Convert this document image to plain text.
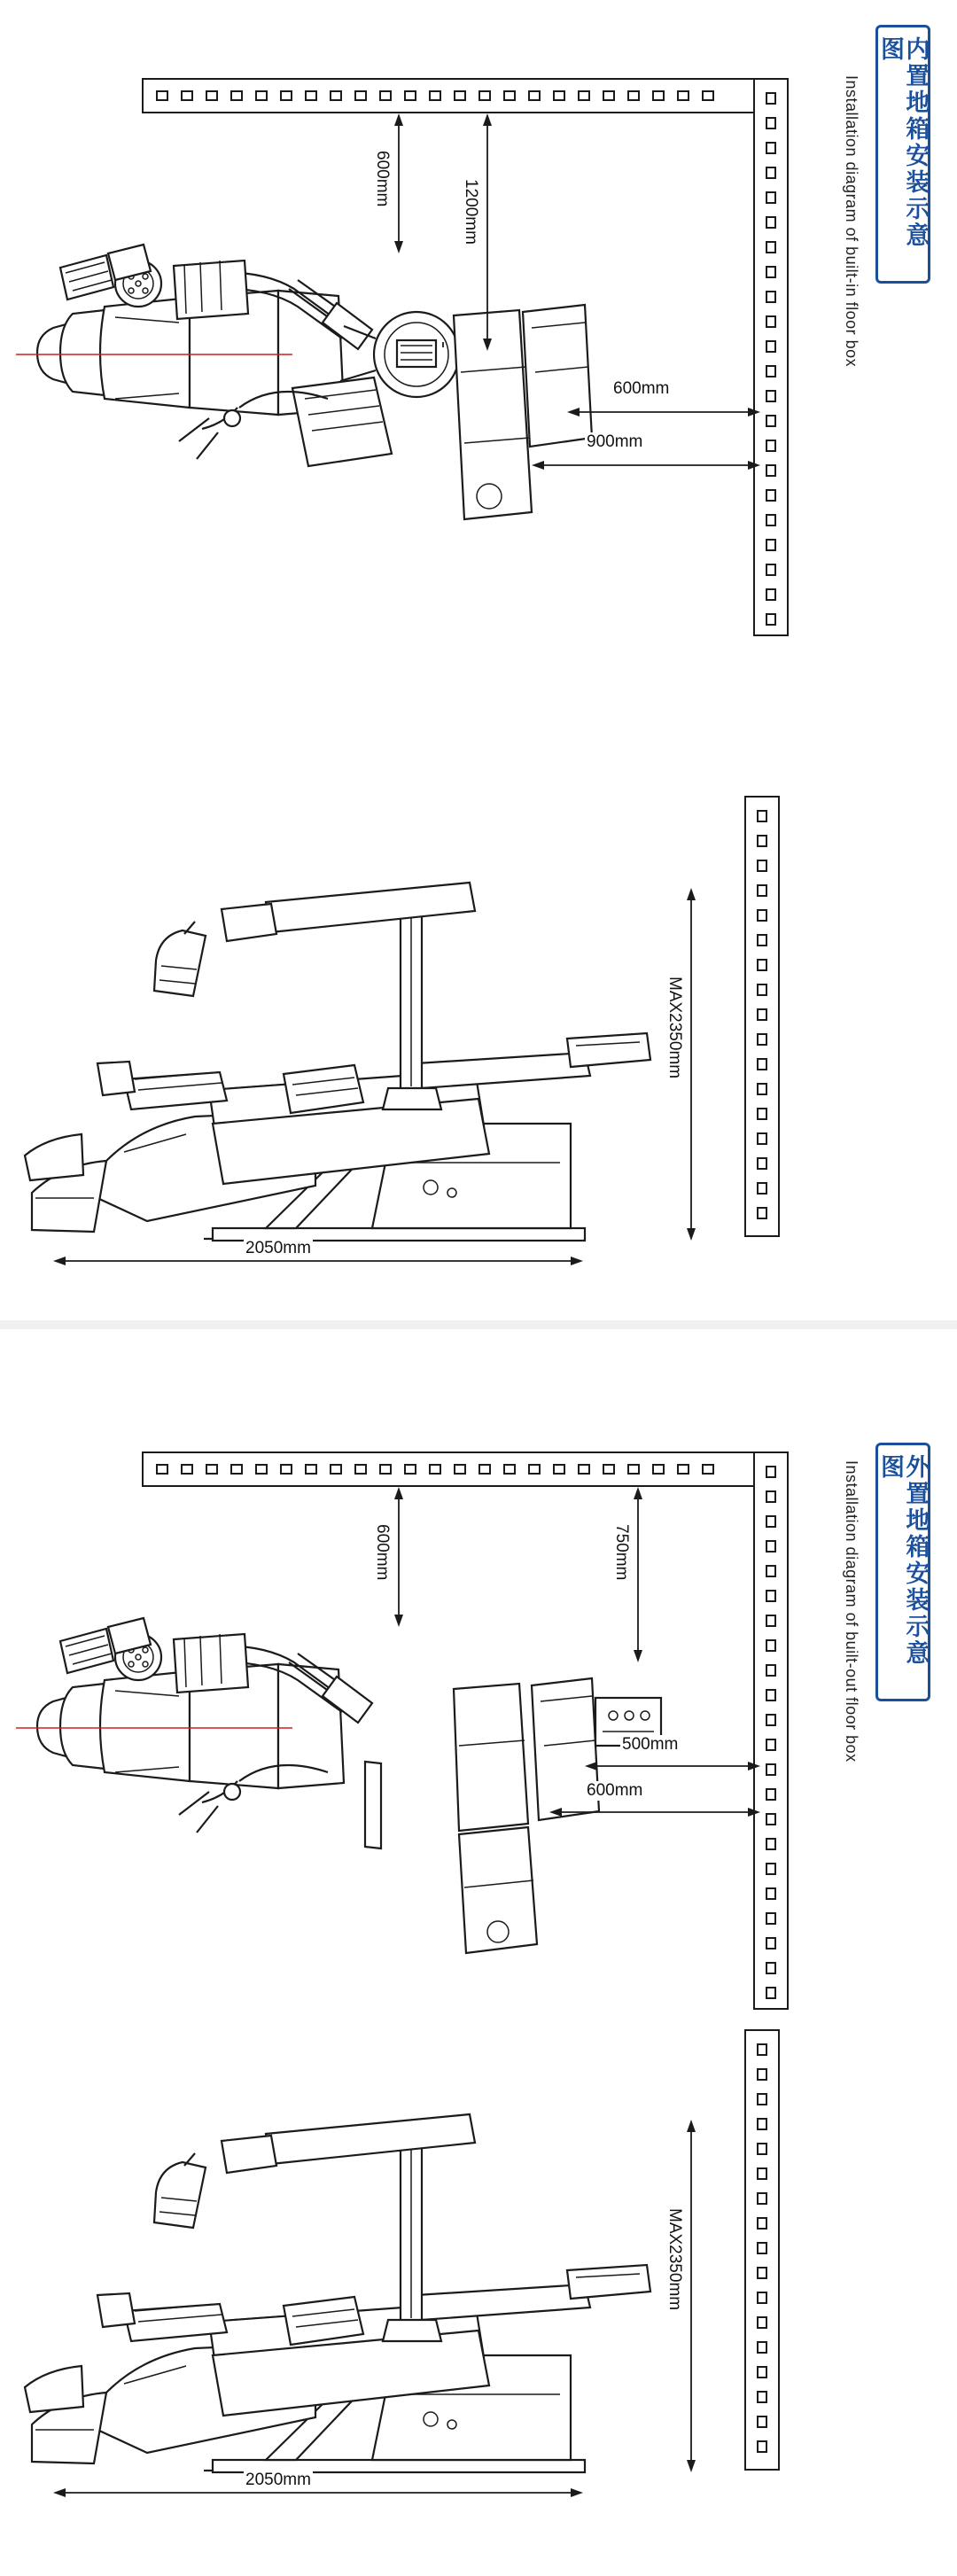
内置地箱安装示意图
Installation diagram of built-in floor box
600mm
1200mm
600mm
900mm
MAX2350mm
2050mm
外置地箱安装示意图
Installation diagram of built-out floor box
600mm	750mm
500mm
600mm
MAX2350mm
2050mm
